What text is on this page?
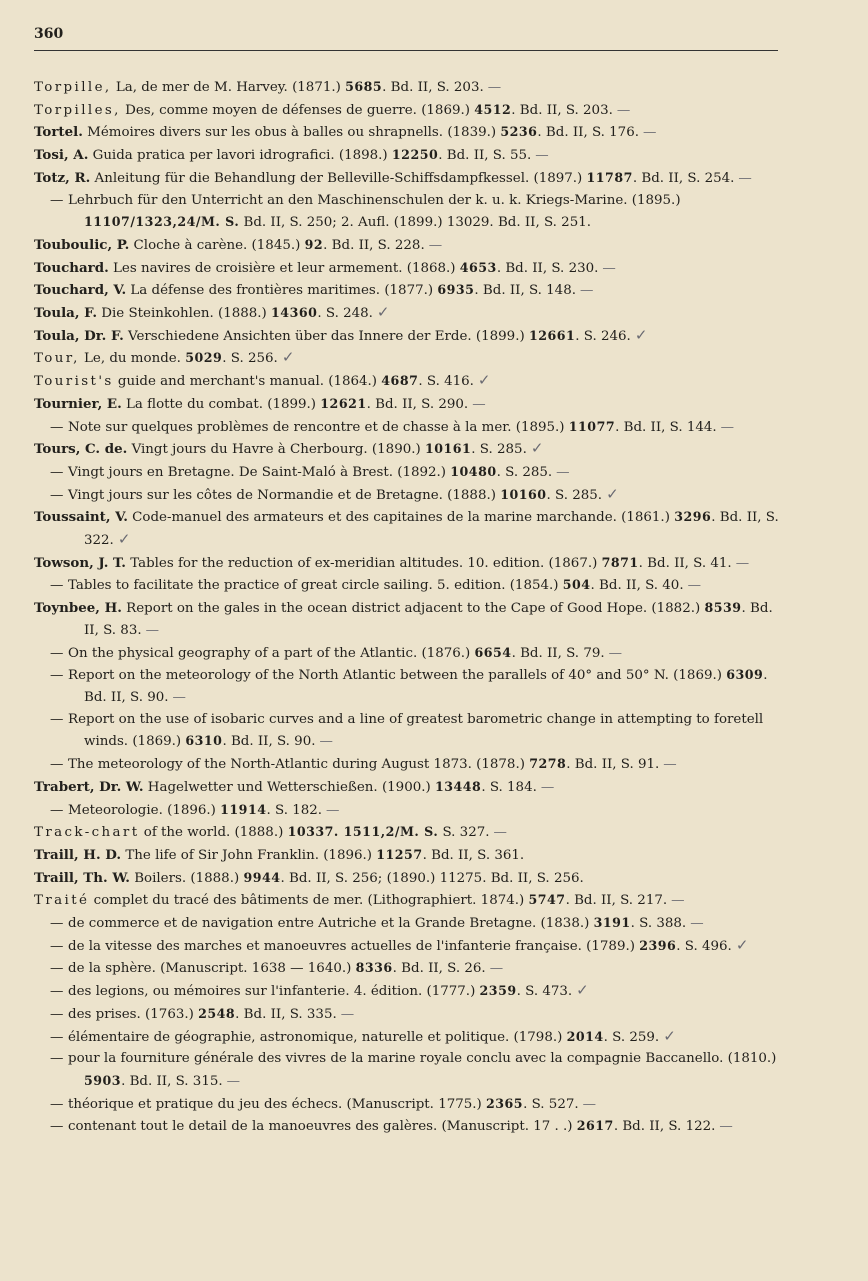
360

Torpille, La, de mer de M. Harvey. (1871.) 5685. Bd. II, S. 203. —

Torpilles, Des, comme moyen de défenses de guerre. (1869.) 4512. Bd. II, S. 203. —

Tortel. Mémoires divers sur les obus à balles ou shrapnells. (1839.) 5236. Bd. II, S. 176. —

Tosi, A. Guida pratica per lavori idrografici. (1898.) 12250. Bd. II, S. 55. —

Totz, R. Anleitung für die Behandlung der Belleville-Schiffsdampfkessel. (1897.) 11787. Bd. II, S. 254. —

— Lehrbuch für den Unterricht an den Maschinenschulen der k. u. k. Kriegs-Marine. (1895.) 11107/1323,24/M. S. Bd. II, S. 250; 2. Aufl. (1899.) 13029. Bd. II, S. 251.

Touboulic, P. Cloche à carène. (1845.) 92. Bd. II, S. 228. —

Touchard. Les navires de croisière et leur armement. (1868.) 4653. Bd. II, S. 230. —

Touchard, V. La défense des frontières maritimes. (1877.) 6935. Bd. II, S. 148. —

Toula, F. Die Steinkohlen. (1888.) 14360. S. 248. ✓

Toula, Dr. F. Verschiedene Ansichten über das Innere der Erde. (1899.) 12661. S. 246. ✓

Tour, Le, du monde. 5029. S. 256. ✓

Tourist's guide and merchant's manual. (1864.) 4687. S. 416. ✓

Tournier, E. La flotte du combat. (1899.) 12621. Bd. II, S. 290. —

— Note sur quelques problèmes de rencontre et de chasse à la mer. (1895.) 11077. Bd. II, S. 144. —

Tours, C. de. Vingt jours du Havre à Cherbourg. (1890.) 10161. S. 285. ✓

— Vingt jours en Bretagne. De Saint-Maló à Brest. (1892.) 10480. S. 285. —

— Vingt jours sur les côtes de Normandie et de Bretagne. (1888.) 10160. S. 285. ✓

Toussaint, V. Code-manuel des armateurs et des capitaines de la marine marchande. (1861.) 3296. Bd. II, S. 322. ✓

Towson, J. T. Tables for the reduction of ex-meridian altitudes. 10. edition. (1867.) 7871. Bd. II, S. 41. —

— Tables to facilitate the practice of great circle sailing. 5. edition. (1854.) 504. Bd. II, S. 40. —

Toynbee, H. Report on the gales in the ocean district adjacent to the Cape of Good Hope. (1882.) 8539. Bd. II, S. 83. —

— On the physical geography of a part of the Atlantic. (1876.) 6654. Bd. II, S. 79. —

— Report on the meteorology of the North Atlantic between the parallels of 40° and 50° N. (1869.) 6309. Bd. II, S. 90. —

— Report on the use of isobaric curves and a line of greatest barometric change in attempting to foretell winds. (1869.) 6310. Bd. II, S. 90. —

— The meteorology of the North-Atlantic during August 1873. (1878.) 7278. Bd. II, S. 91. —

Trabert, Dr. W. Hagelwetter und Wetterschießen. (1900.) 13448. S. 184. —

— Meteorologie. (1896.) 11914. S. 182. —

Track-chart of the world. (1888.) 10337. 1511,2/M. S. S. 327. —

Traill, H. D. The life of Sir John Franklin. (1896.) 11257. Bd. II, S. 361.

Traill, Th. W. Boilers. (1888.) 9944. Bd. II, S. 256; (1890.) 11275. Bd. II, S. 256.

Traité complet du tracé des bâtiments de mer. (Lithographiert. 1874.) 5747. Bd. II, S. 217. —

— de commerce et de navigation entre Autriche et la Grande Bretagne. (1838.) 3191. S. 388. —

— de la vitesse des marches et manoeuvres actuelles de l'infanterie française. (1789.) 2396. S. 496. ✓

— de la sphère. (Manuscript. 1638 — 1640.) 8336. Bd. II, S. 26. —

— des legions, ou mémoires sur l'infanterie. 4. édition. (1777.) 2359. S. 473. ✓

— des prises. (1763.) 2548. Bd. II, S. 335. —

— élémentaire de géographie, astronomique, naturelle et politique. (1798.) 2014. S. 259. ✓

— pour la fourniture générale des vivres de la marine royale conclu avec la compagnie Baccanello. (1810.) 5903. Bd. II, S. 315. —

— théorique et pratique du jeu des échecs. (Manuscript. 1775.) 2365. S. 527. —

— contenant tout le detail de la manoeuvres des galères. (Manuscript. 17 . .) 2617. Bd. II, S. 122. —
